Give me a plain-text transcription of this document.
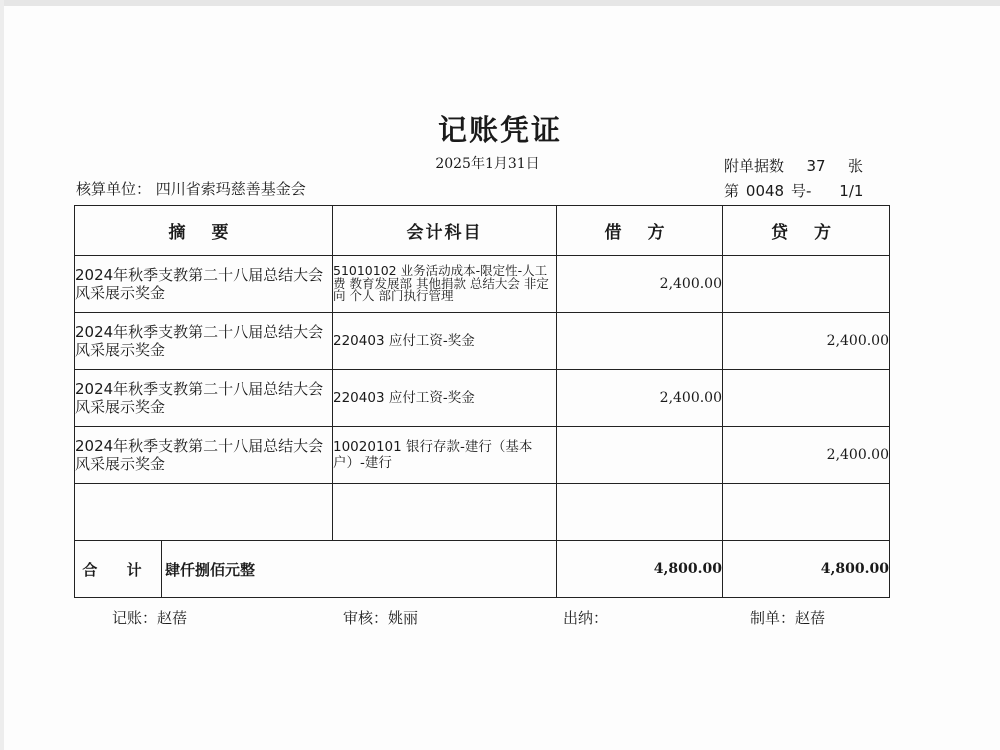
记账凭证
2025年1月31日	附单据数 37 张
核算单位： 四川省索玛慈善基金会	第 0048 号- 1/1
摘 要	会计科目	借 方	贷 方
2024年秋季支教第二十八届总结大会风采展示奖金	51010102 业务活动成本-限定性-人工费 教育发展部 其他捐款 总结大会 非定向 个人 部门执行管理	2,400.00	
2024年秋季支教第二十八届总结大会风采展示奖金	220403 应付工资-奖金		2,400.00
2024年秋季支教第二十八届总结大会风采展示奖金	220403 应付工资-奖金	2,400.00	
2024年秋季支教第二十八届总结大会风采展示奖金	10020101 银行存款-建行（基本户）-建行		2,400.00

合 计 肆仟捌佰元整		4,800.00	4,800.00
记账：赵蓓	审核：姚丽	出纳：	制单：赵蓓
